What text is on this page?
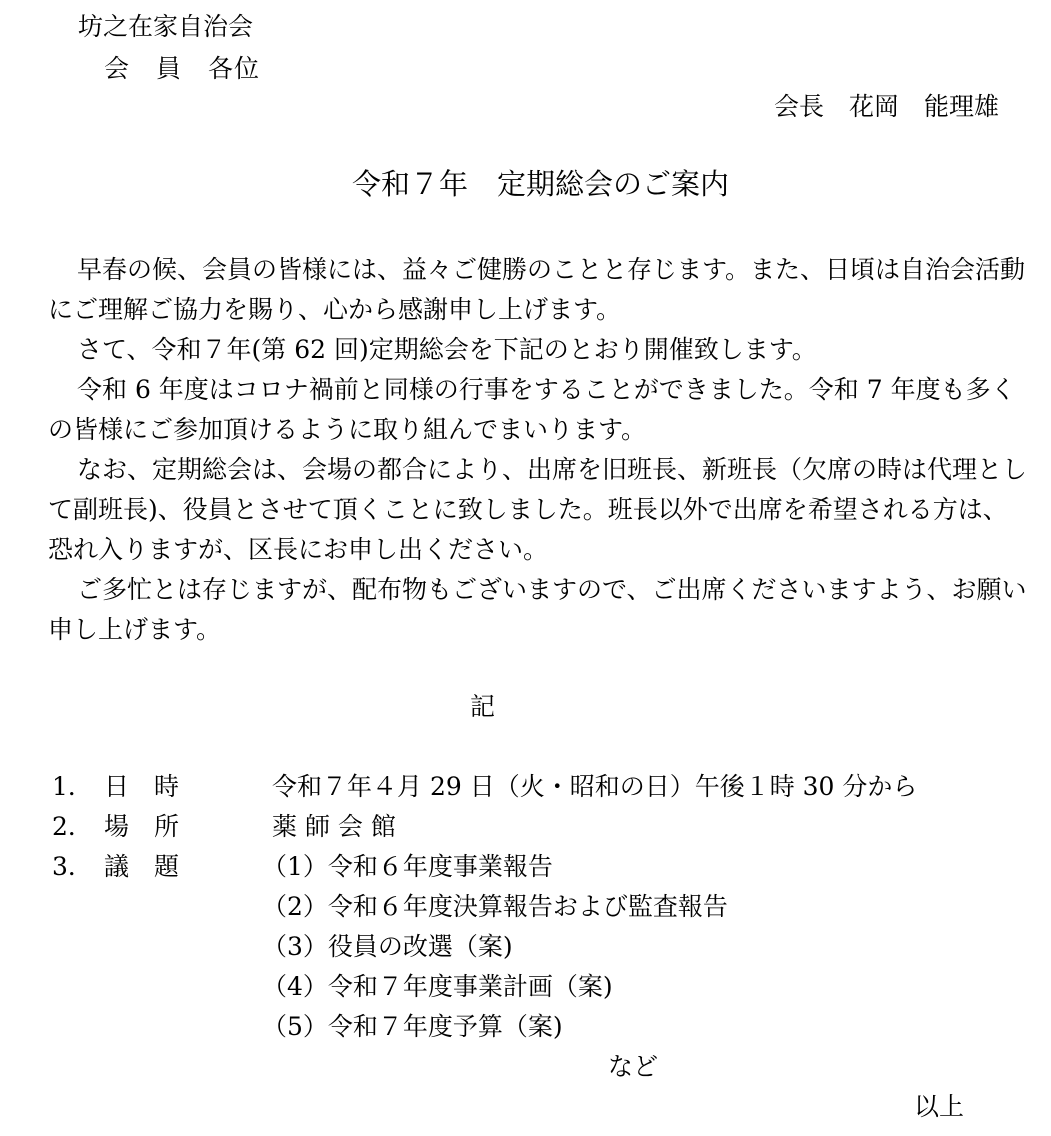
坊之在家自治会
会　員　各位
会長　花岡　能理雄
令和７年　定期総会のご案内

早春の候、会員の皆様には、益々ご健勝のことと存じます。また、日頃は自治会活動にご理解ご協力を賜り、心から感謝申し上げます。

さて、令和７年(第 62 回)定期総会を下記のとおり開催致します。

令和 6 年度はコロナ禍前と同様の行事をすることができました。令和 7 年度も多くの皆様にご参加頂けるように取り組んでまいります。

なお、定期総会は、会場の都合により、出席を旧班長、新班長（欠席の時は代理として副班長)、役員とさせて頂くことに致しました。班長以外で出席を希望される方は、恐れ入りますが、区長にお申し出ください。

ご多忙とは存じますが、配布物もございますので、ご出席くださいますよう、お願い申し上げます。

記
1． 日　時	令和７年４月 29 日（火・昭和の日）午後１時 30 分から
2． 場　所	薬 師 会 館
3． 議　題	（1）令和６年度事業報告
（2）令和６年度決算報告および監査報告
（3）役員の改選（案)
（4）令和７年度事業計画（案)
（5）令和７年度予算（案)
など
以上
